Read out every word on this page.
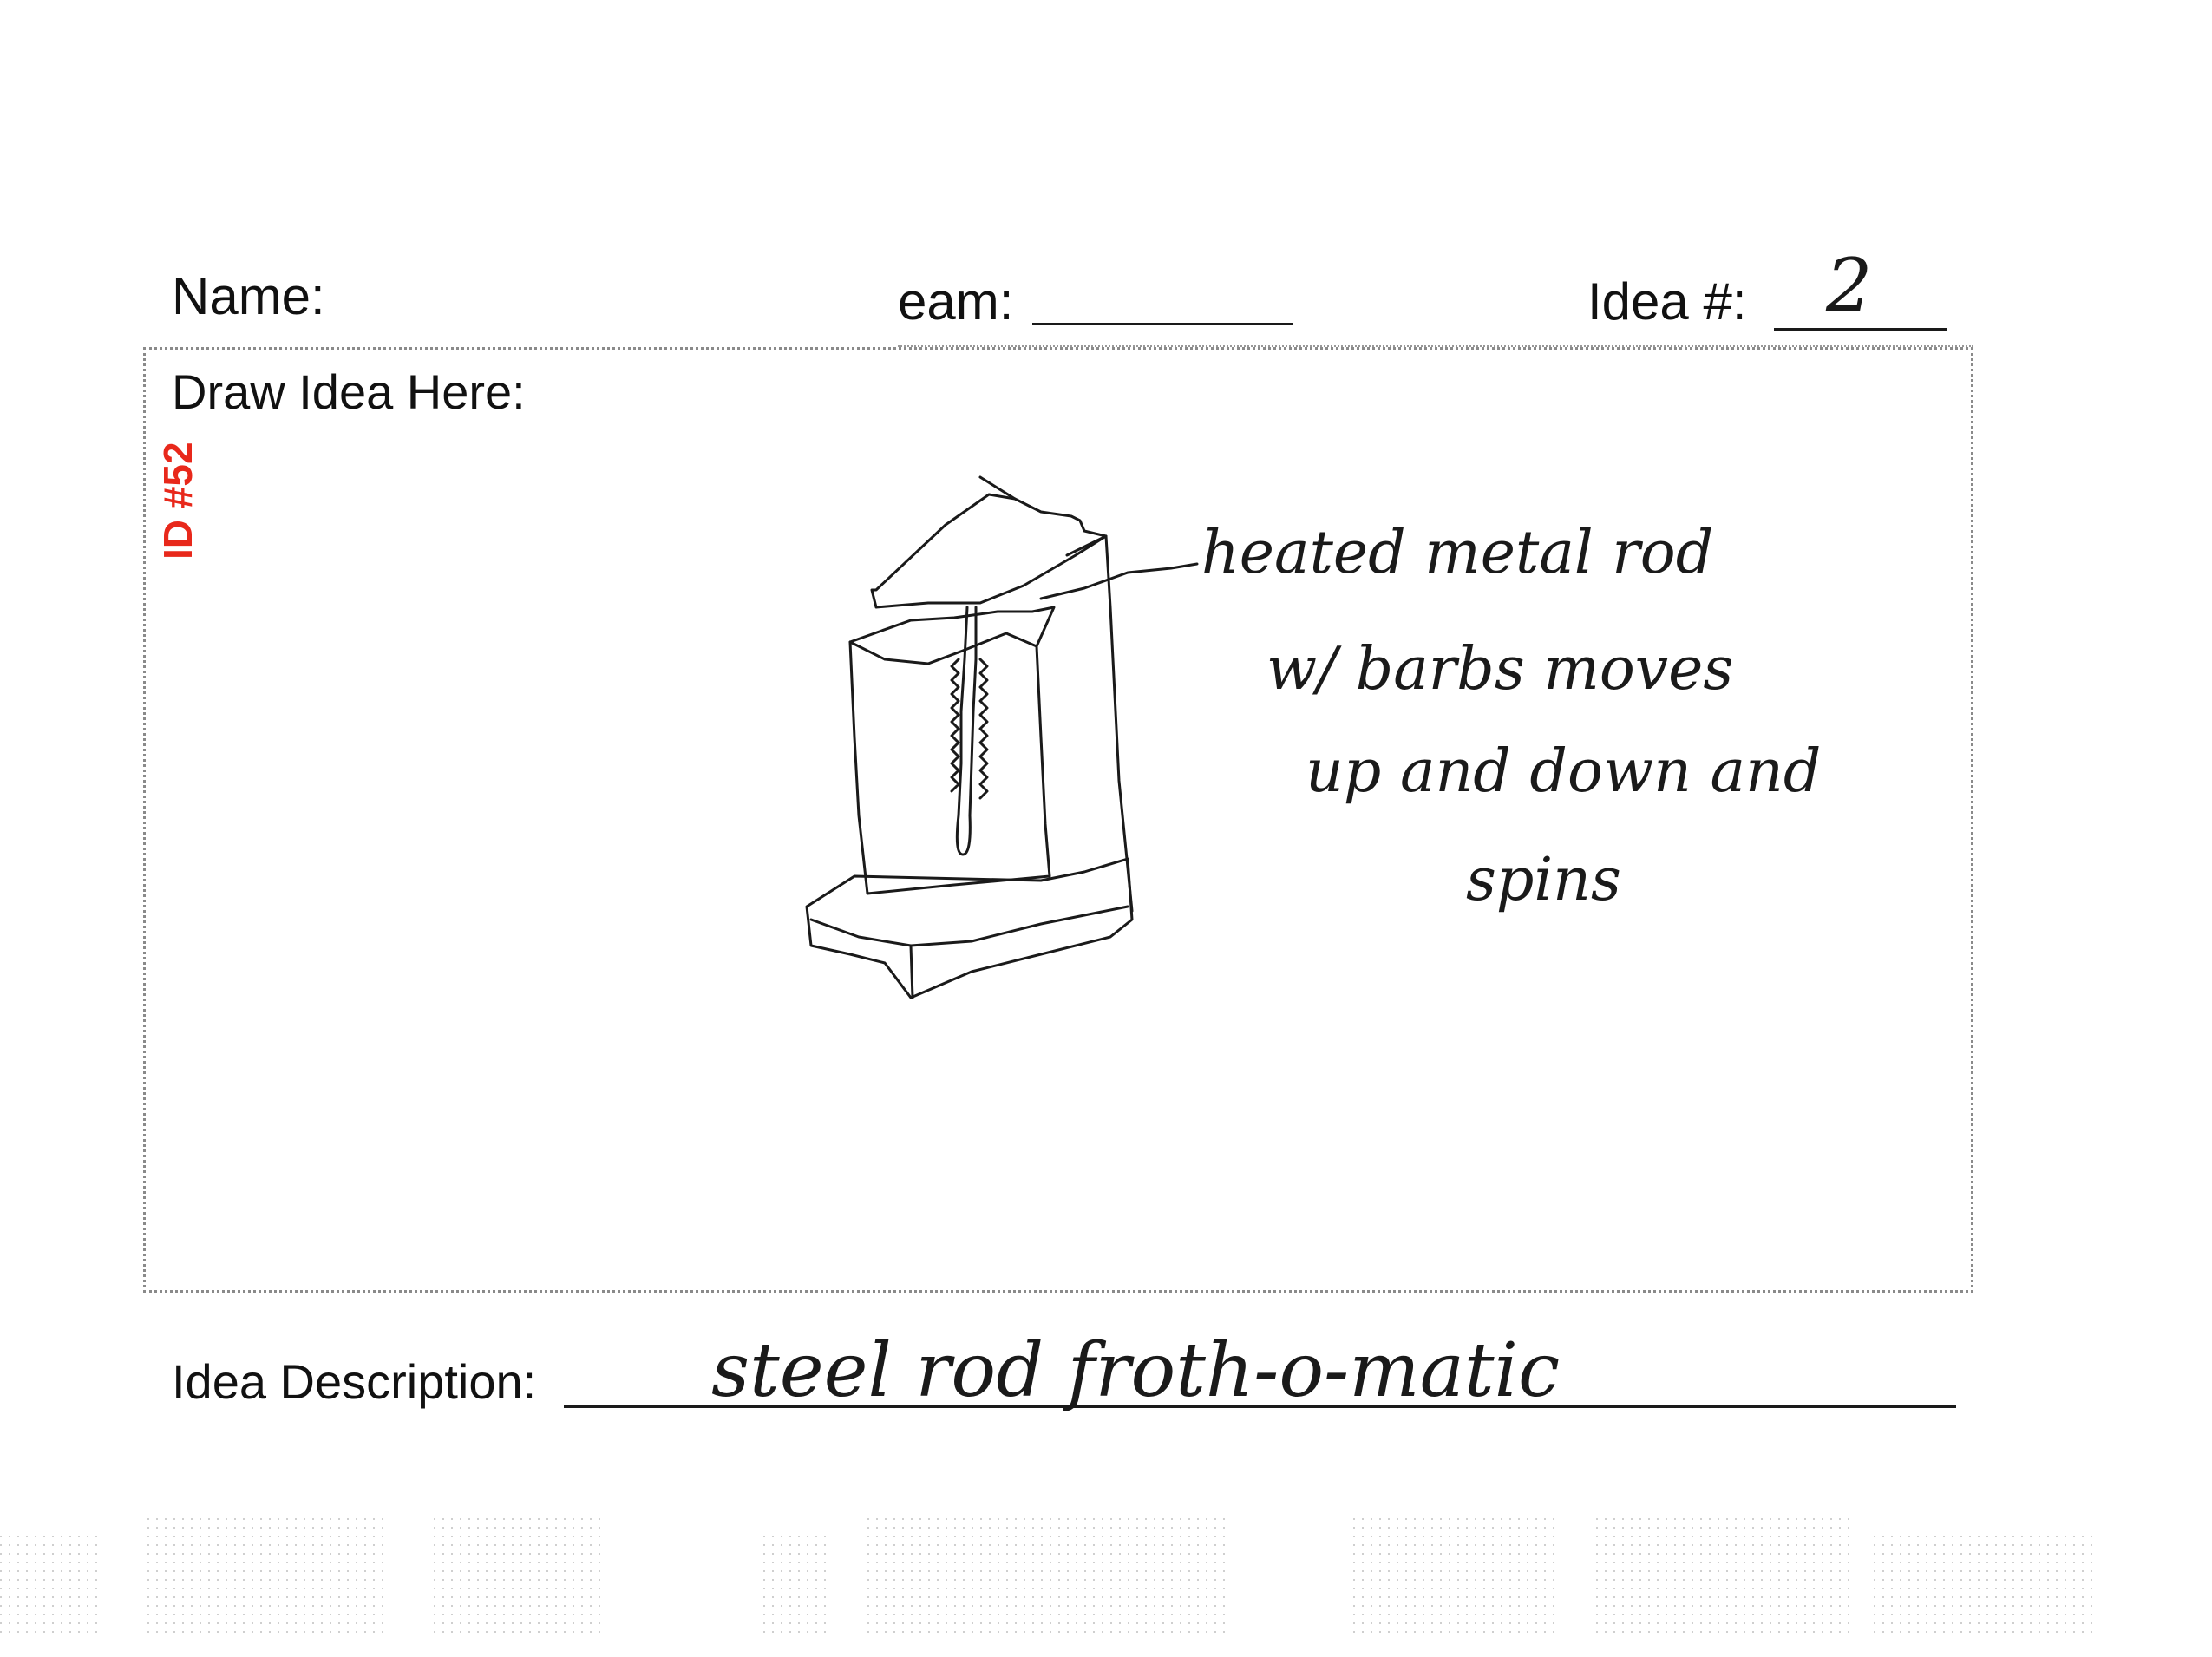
Name:	eam:	Idea #: 2
Draw Idea Here:
ID #52	heated metal rod
w/ barbs moves
up and down and
spins
Idea Description: steel rod froth-o-matic
